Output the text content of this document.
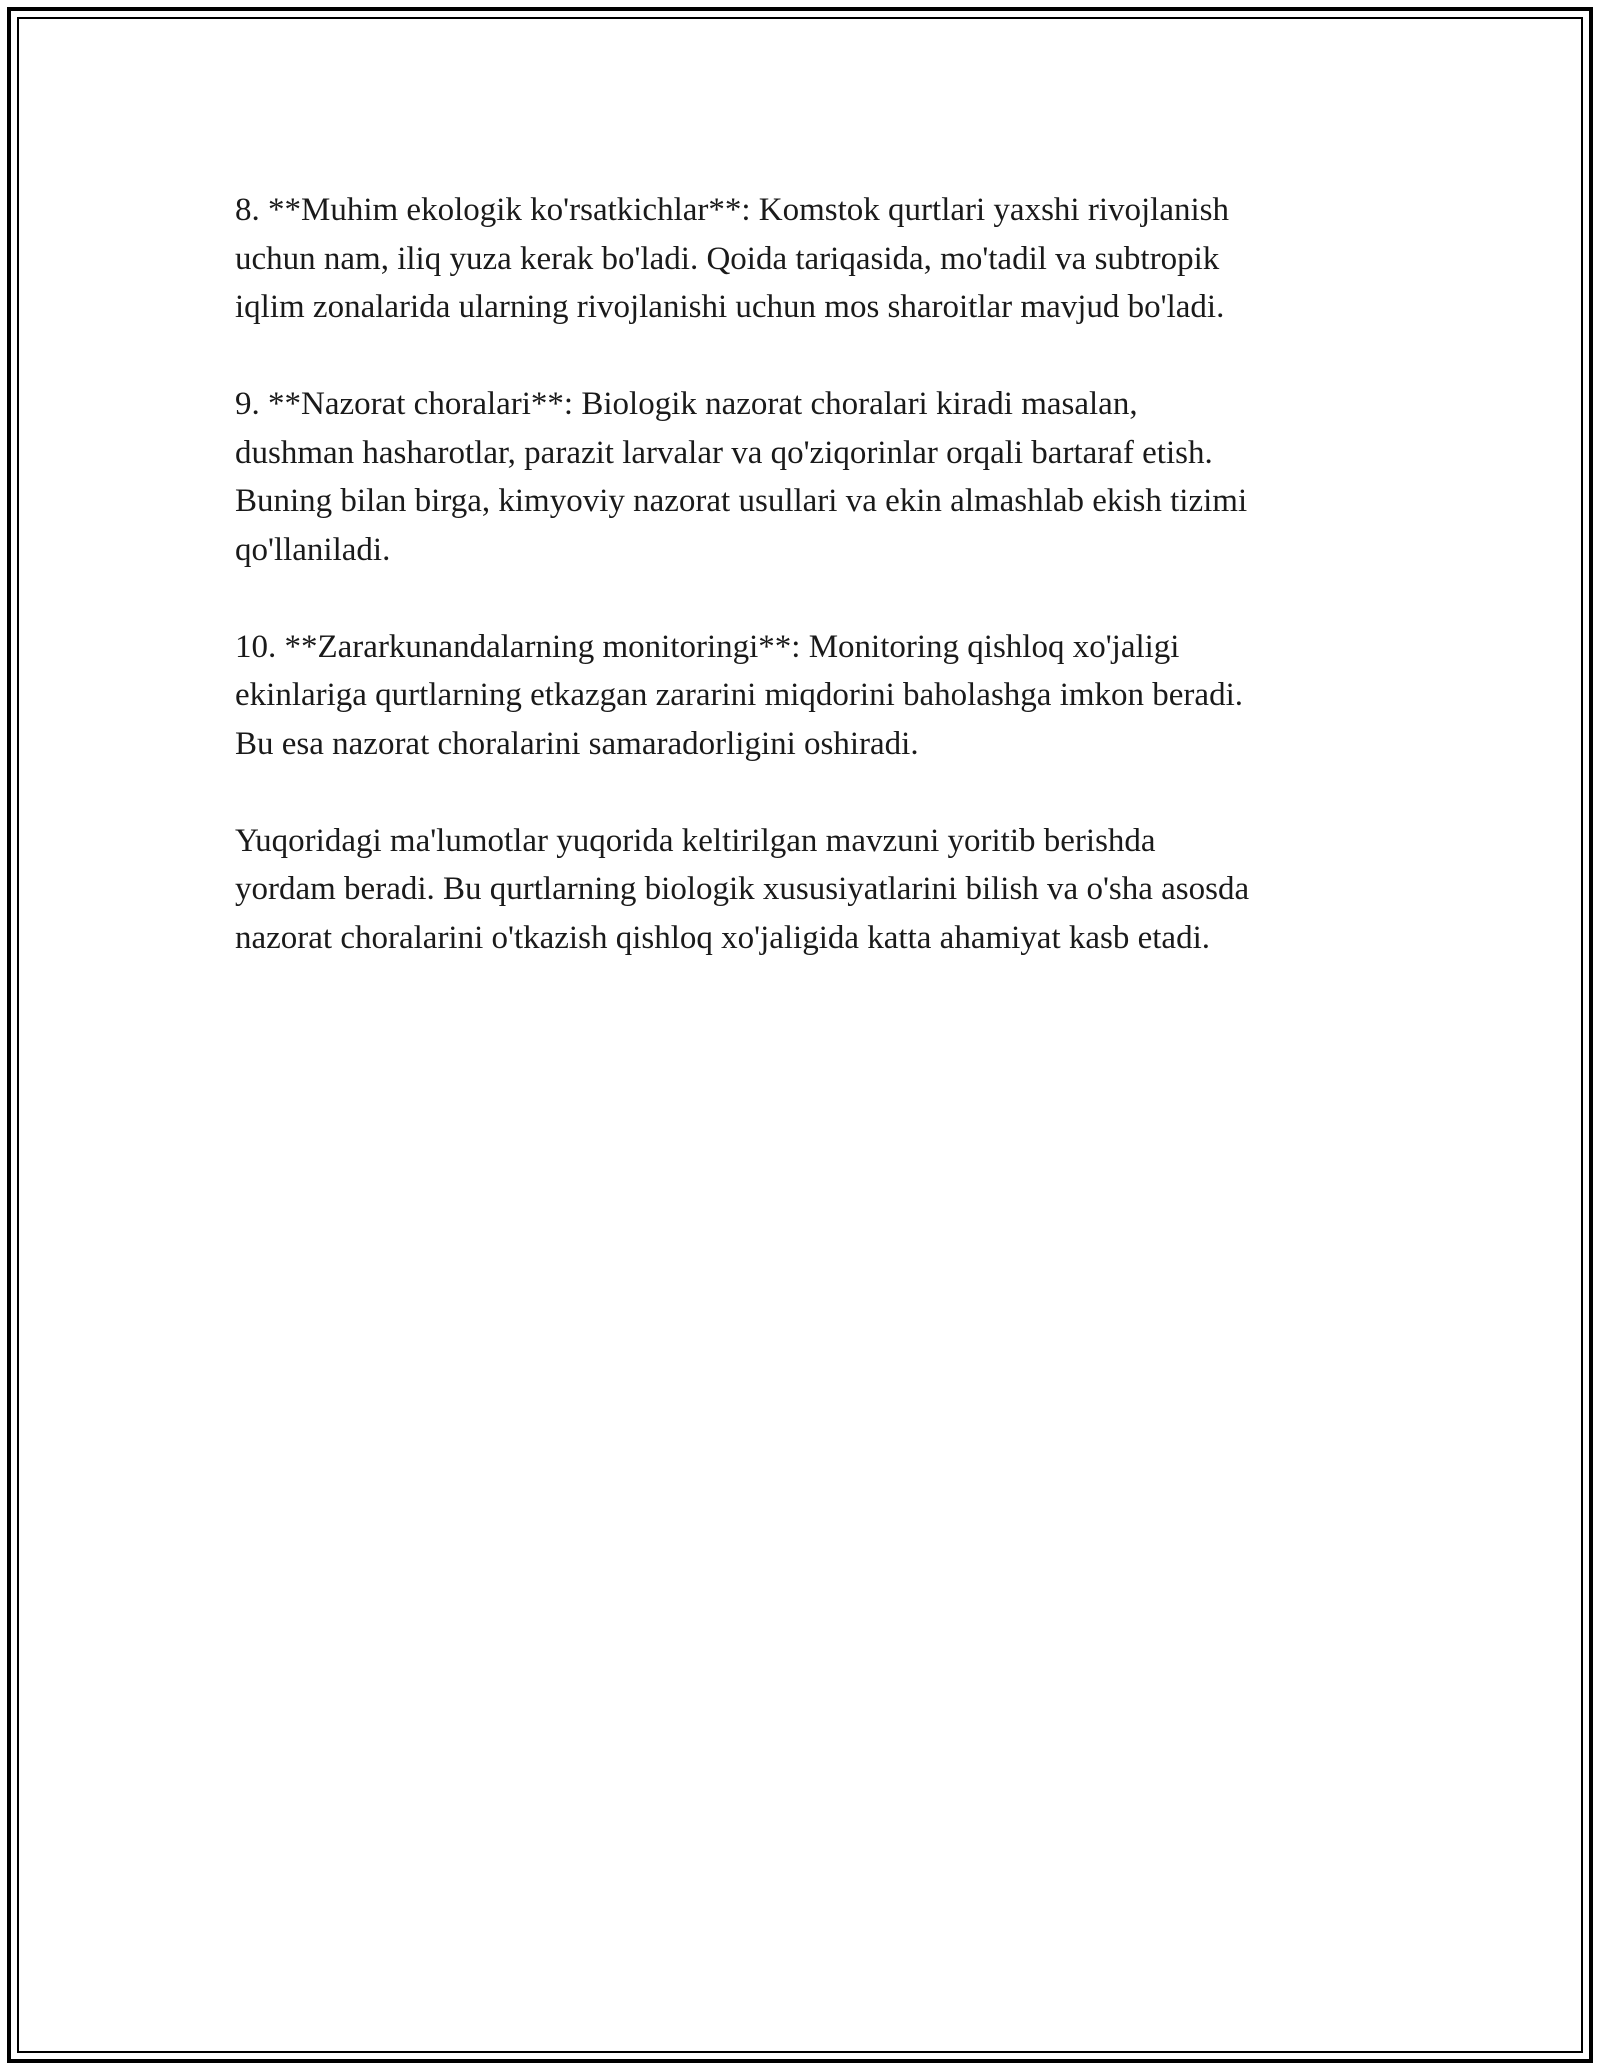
8. **Muhim ekologik ko'rsatkichlar**: Komstok qurtlari yaxshi rivojlanish
uchun nam, iliq yuza kerak bo'ladi. Qoida tariqasida, mo'tadil va subtropik
iqlim zonalarida ularning rivojlanishi uchun mos sharoitlar mavjud bo'ladi.

9. **Nazorat choralari**: Biologik nazorat choralari kiradi masalan,
dushman hasharotlar, parazit larvalar va qo'ziqorinlar orqali bartaraf etish.
Buning bilan birga, kimyoviy nazorat usullari va ekin almashlab ekish tizimi
qo'llaniladi.

10. **Zararkunandalarning monitoringi**: Monitoring qishloq xo'jaligi
ekinlariga qurtlarning etkazgan zararini miqdorini baholashga imkon beradi.
Bu esa nazorat choralarini samaradorligini oshiradi.

Yuqoridagi ma'lumotlar yuqorida keltirilgan mavzuni yoritib berishda
yordam beradi. Bu qurtlarning biologik xususiyatlarini bilish va o'sha asosda
nazorat choralarini o'tkazish qishloq xo'jaligida katta ahamiyat kasb etadi.
